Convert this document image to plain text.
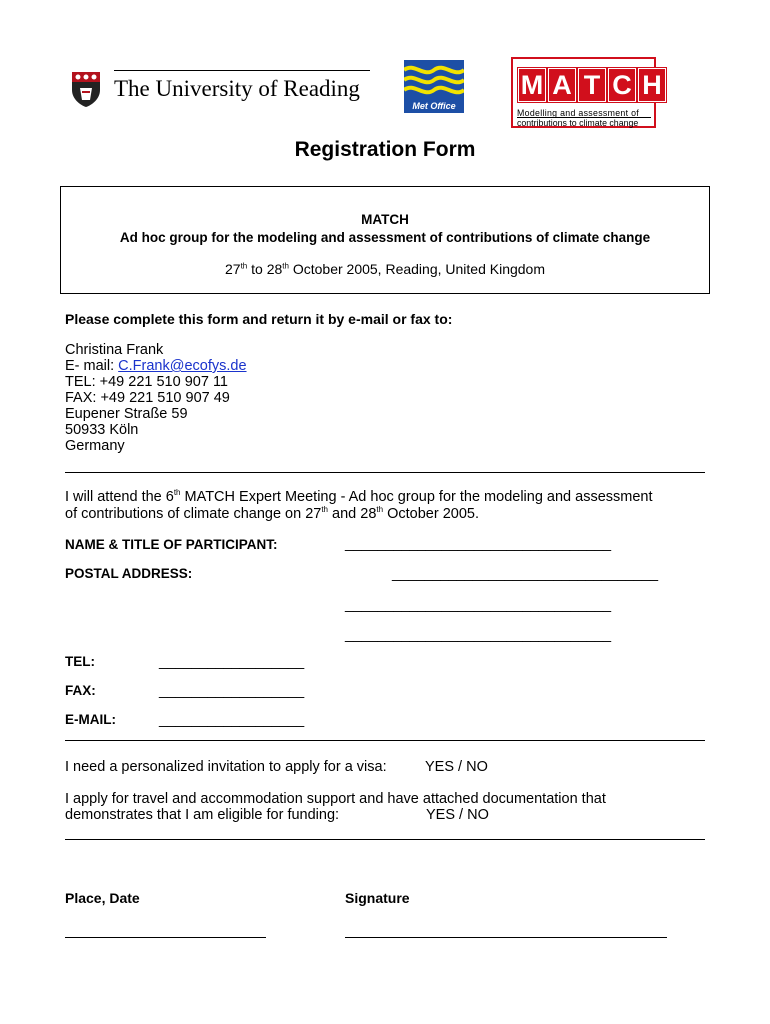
The University of Reading
Met Office
M A T C H
Modelling and assessment of
contributions to climate change
Registration Form
MATCH
Ad hoc group for the modeling and assessment of contributions of climate change
27th to 28th October 2005, Reading, United Kingdom
Please complete this form and return it by e-mail or fax to:
Christina Frank
E- mail: C.Frank@ecofys.de
TEL: +49 221 510 907 11
FAX: +49 221 510 907 49
Eupener Straße 59
50933 Köln
Germany
I will attend the 6th MATCH Expert Meeting - Ad hoc group for the modeling and assessment
of contributions of climate change on 27th and 28th October 2005.
NAME & TITLE OF PARTICIPANT:	_________________________________
POSTAL ADDRESS:	_________________________________
_________________________________
_________________________________
TEL:	__________________
FAX:	__________________
E-MAIL:	__________________
I need a personalized invitation to apply for a visa:	YES / NO
I apply for travel and accommodation support and have attached documentation that
demonstrates that I am eligible for funding:	YES / NO
Place, Date	Signature
